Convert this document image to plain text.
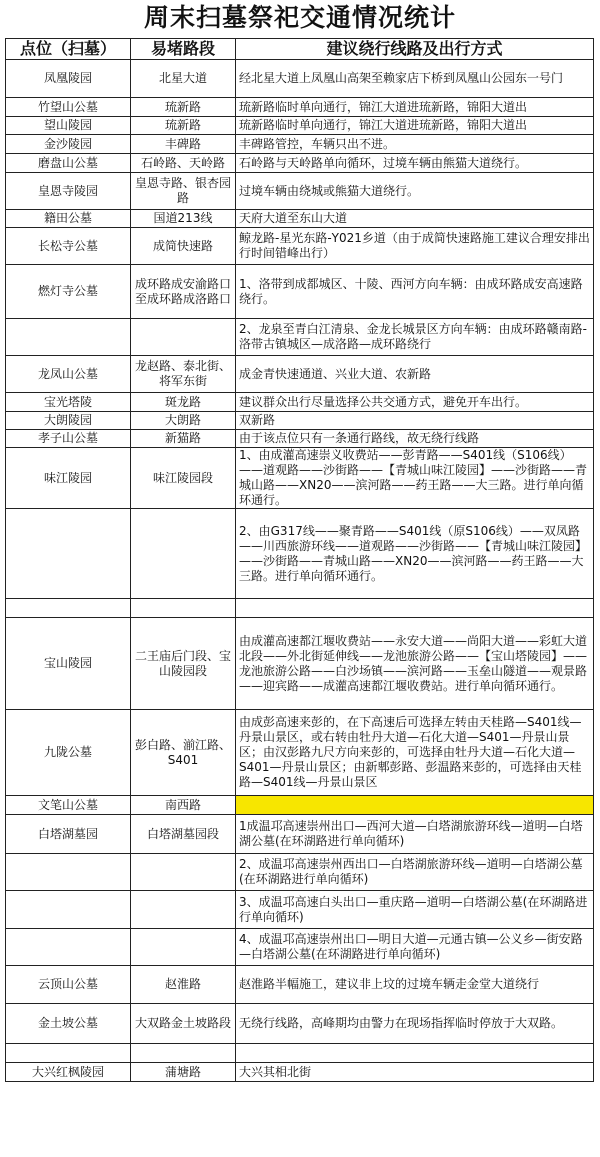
周末扫墓祭祀交通情况统计
点位（扫墓）	易堵路段	建议绕行线路及出行方式
凤凰陵园	北星大道	经北星大道上凤凰山高架至赖家店下桥到凤凰山公园东一号门
竹望山公墓	琉新路	琉新路临时单向通行，锦江大道进琉新路，锦阳大道出
望山陵园	琉新路	琉新路临时单向通行，锦江大道进琉新路，锦阳大道出
金沙陵园	丰碑路	丰碑路管控，车辆只出不进。
磨盘山公墓	石岭路、天岭路	石岭路与天岭路单向循环，过境车辆由熊猫大道绕行。
皇恩寺陵园	皇恩寺路、银杏园路	过境车辆由绕城或熊猫大道绕行。
籍田公墓	国道213线	天府大道至东山大道
长松寺公墓	成简快速路	鲸龙路-星光东路-Y021乡道（由于成简快速路施工建议合理安排出行时间错峰出行）
燃灯寺公墓	成环路成安渝路口至成环路成洛路口	1、洛带到成都城区、十陵、西河方向车辆：由成环路成安高速路绕行。
		2、龙泉至青白江清泉、金龙长城景区方向车辆：由成环路赣南路-洛带古镇城区—成洛路—成环路绕行
龙凤山公墓	龙赵路、泰北街、将军东街	成金青快速通道、兴业大道、农新路
宝光塔陵	斑龙路	建议群众出行尽量选择公共交通方式，避免开车出行。
大朗陵园	大朗路	双新路
孝子山公墓	新猫路	由于该点位只有一条通行路线，故无绕行线路
味江陵园	味江陵园段	1、由成灌高速崇义收费站——彭青路——S401线（S106线）——道观路——沙街路——【青城山味江陵园】——沙街路——青城山路——XN20——滨河路——药王路——大三路。进行单向循环通行。
		2、由G317线——聚青路——S401线（原S106线）——双凤路——川西旅游环线——道观路——沙街路——【青城山味江陵园】——沙街路——青城山路——XN20——滨河路——药王路——大三路。进行单向循环通行。

宝山陵园	二王庙后门段、宝山陵园段	由成灌高速都江堰收费站——永安大道——尚阳大道——彩虹大道北段——外北街延伸线——龙池旅游公路——【宝山塔陵园】——龙池旅游公路——白沙场镇——滨河路——玉垒山隧道——观景路——迎宾路——成灌高速都江堰收费站。进行单向循环通行。
九陇公墓	彭白路、湔江路、S401	由成彭高速来彭的，在下高速后可选择左转由天桂路—S401线—丹景山景区，或右转由牡丹大道—石化大道—S401—丹景山景区；由汉彭路九尺方向来彭的，可选择由牡丹大道—石化大道—S401—丹景山景区；由新郫彭路、彭温路来彭的，可选择由天桂路—S401线—丹景山景区
文笔山公墓	南西路	
白塔湖墓园	白塔湖墓园段	1成温邛高速崇州出口—西河大道—白塔湖旅游环线—道明—白塔湖公墓(在环湖路进行单向循环)
		2、成温邛高速崇州西出口—白塔湖旅游环线—道明—白塔湖公墓(在环湖路进行单向循环)
		3、成温邛高速白头出口—重庆路—道明—白塔湖公墓(在环湖路进行单向循环)
		4、成温邛高速崇州出口—明日大道—元通古镇—公义乡—街安路—白塔湖公墓(在环湖路进行单向循环)
云顶山公墓	赵淮路	赵淮路半幅施工，建议非上坟的过境车辆走金堂大道绕行
金土坡公墓	大双路金土坡路段	无绕行线路，高峰期均由警力在现场指挥临时停放于大双路。

大兴红枫陵园	蒲塘路	大兴其相北街
